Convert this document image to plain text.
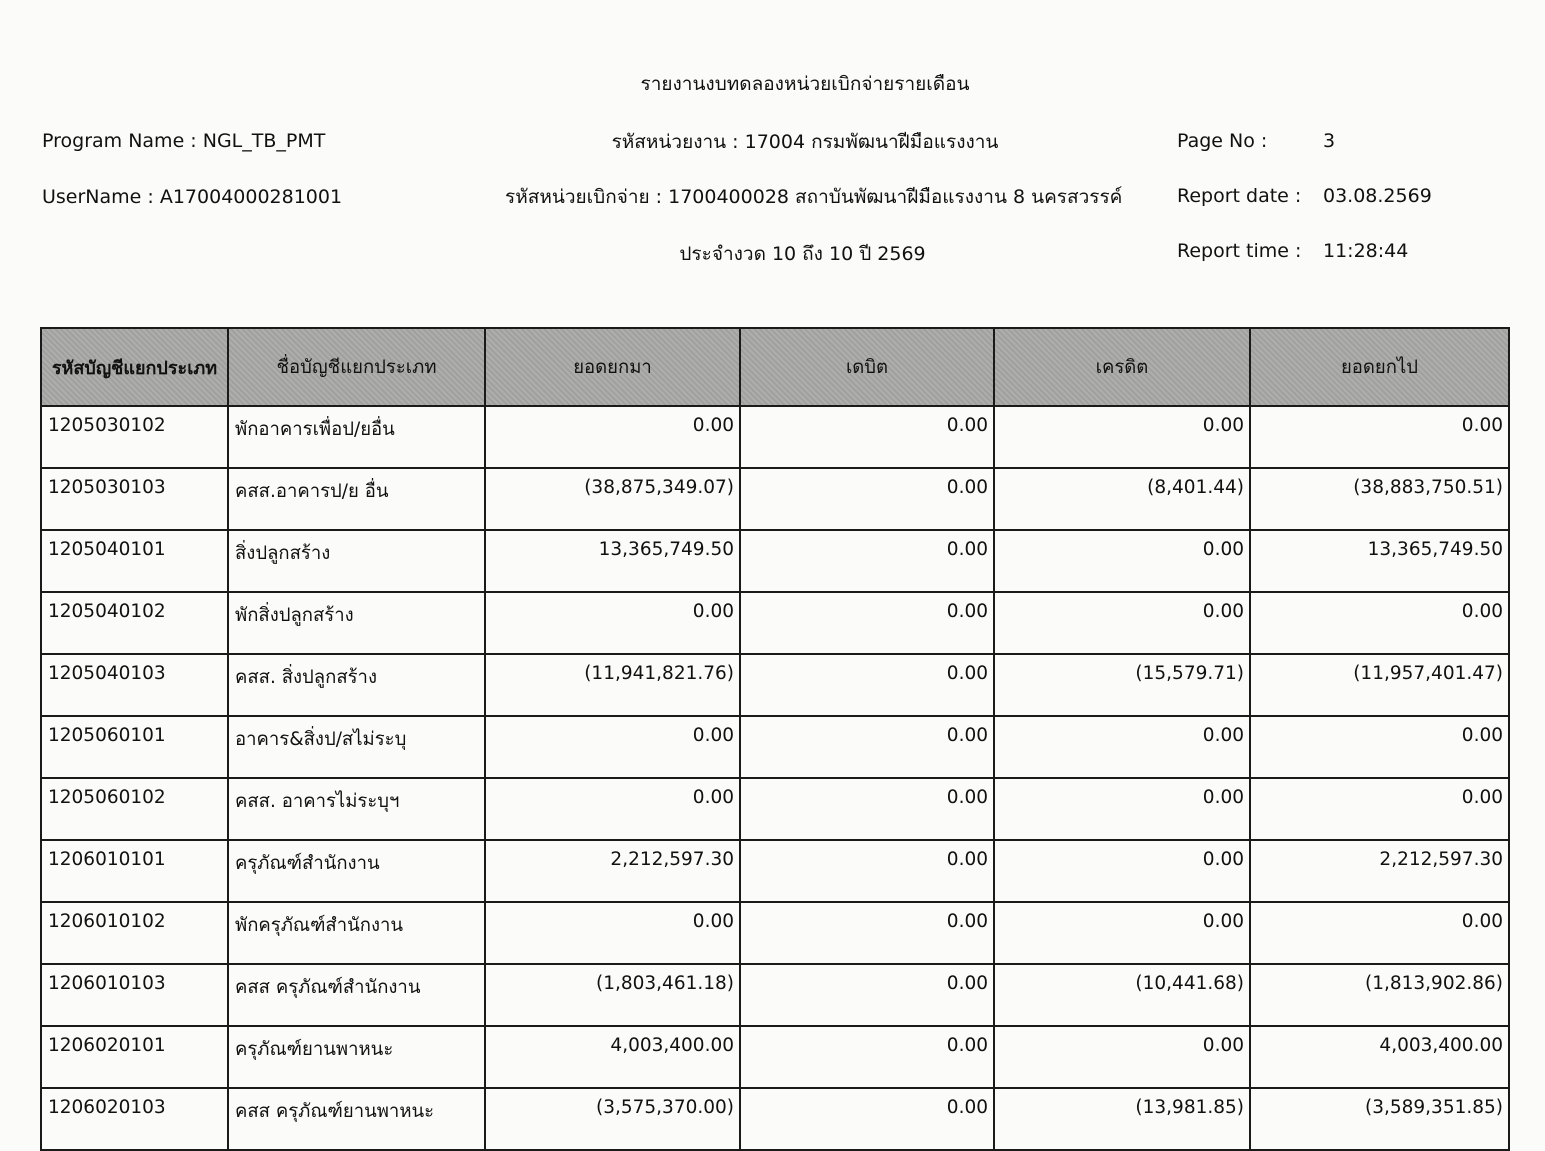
รายงานงบทดลองหน่วยเบิกจ่ายรายเดือน
Program Name : NGL_TB_PMT
UserName : A17004000281001
รหัสหน่วยงาน : 17004 กรมพัฒนาฝีมือแรงงาน
รหัสหน่วยเบิกจ่าย : 1700400028 สถาบันพัฒนาฝีมือแรงงาน 8 นครสวรรค์
ประจำงวด 10 ถึง 10 ปี 2569
Page No :	3
Report date : 03.08.2569
Report time : 11:28:44
รหัสบัญชีแยกประเภท	ชื่อบัญชีแยกประเภท	ยอดยกมา	เดบิต	เครดิต	ยอดยกไป
1205030102	พักอาคารเพื่อป/ยอื่น	0.00	0.00	0.00	0.00
1205030103	คสส.อาคารป/ย อื่น	(38,875,349.07)	0.00	(8,401.44)	(38,883,750.51)
1205040101	สิ่งปลูกสร้าง	13,365,749.50	0.00	0.00	13,365,749.50
1205040102	พักสิ่งปลูกสร้าง	0.00	0.00	0.00	0.00
1205040103	คสส. สิ่งปลูกสร้าง	(11,941,821.76)	0.00	(15,579.71)	(11,957,401.47)
1205060101	อาคาร&สิ่งป/สไม่ระบุ	0.00	0.00	0.00	0.00
1205060102	คสส. อาคารไม่ระบุฯ	0.00	0.00	0.00	0.00
1206010101	ครุภัณฑ์สำนักงาน	2,212,597.30	0.00	0.00	2,212,597.30
1206010102	พักครุภัณฑ์สำนักงาน	0.00	0.00	0.00	0.00
1206010103	คสส ครุภัณฑ์สำนักงาน	(1,803,461.18)	0.00	(10,441.68)	(1,813,902.86)
1206020101	ครุภัณฑ์ยานพาหนะ	4,003,400.00	0.00	0.00	4,003,400.00
1206020103	คสส ครุภัณฑ์ยานพาหนะ	(3,575,370.00)	0.00	(13,981.85)	(3,589,351.85)
